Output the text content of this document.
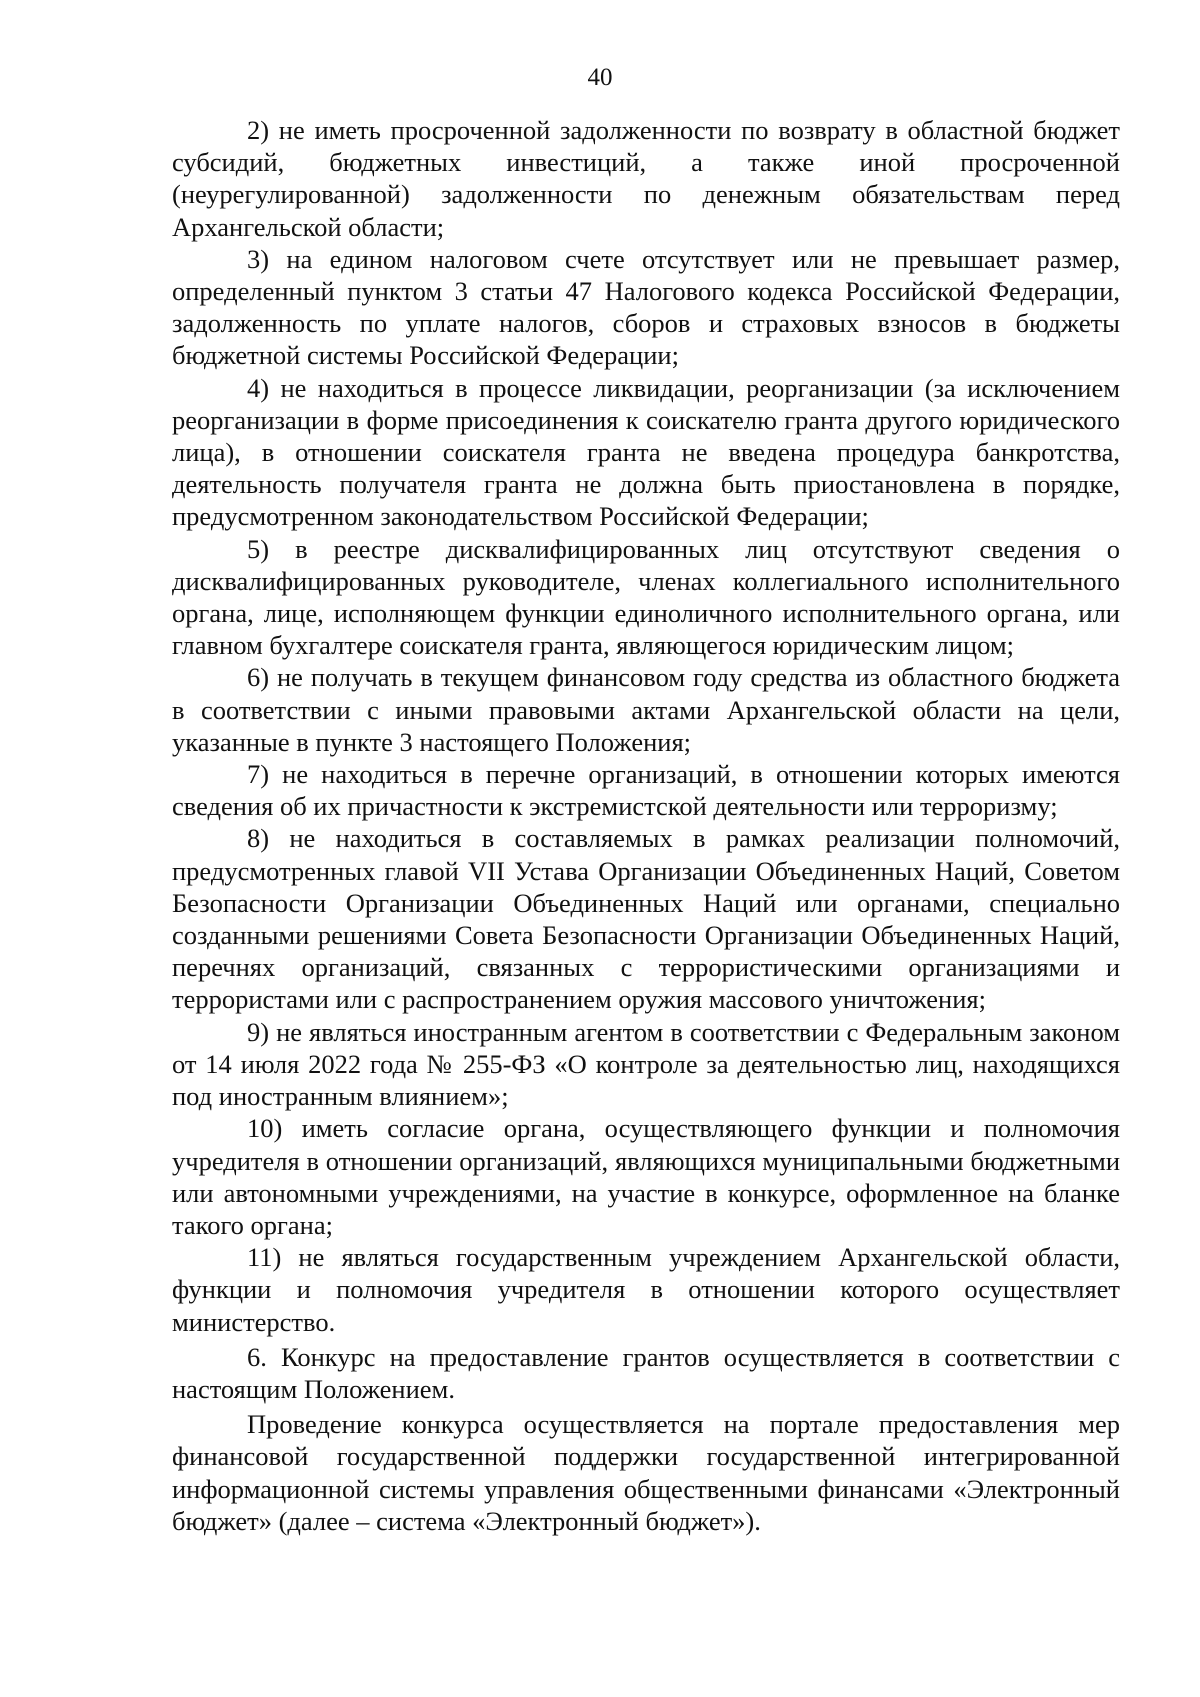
40

2) не иметь просроченной задолженности по возврату в областной бюджет субсидий, бюджетных инвестиций, а также иной просроченной (неурегулированной) задолженности по денежным обязательствам перед Архангельской области;

3) на едином налоговом счете отсутствует или не превышает размер, определенный пунктом 3 статьи 47 Налогового кодекса Российской Федерации, задолженность по уплате налогов, сборов и страховых взносов в бюджеты бюджетной системы Российской Федерации;

4) не находиться в процессе ликвидации, реорганизации (за исключением реорганизации в форме присоединения к соискателю гранта другого юридического лица), в отношении соискателя гранта не введена процедура банкротства, деятельность получателя гранта не должна быть приостановлена в порядке, предусмотренном законодательством Российской Федерации;

5) в реестре дисквалифицированных лиц отсутствуют сведения о дисквалифицированных руководителе, членах коллегиального исполнительного органа, лице, исполняющем функции единоличного исполнительного органа, или главном бухгалтере соискателя гранта, являющегося юридическим лицом;

6) не получать в текущем финансовом году средства из областного бюджета в соответствии с иными правовыми актами Архангельской области на цели, указанные в пункте 3 настоящего Положения;

7) не находиться в перечне организаций, в отношении которых имеются сведения об их причастности к экстремистской деятельности или терроризму;

8) не находиться в составляемых в рамках реализации полномочий, предусмотренных главой VII Устава Организации Объединенных Наций, Советом Безопасности Организации Объединенных Наций или органами, специально созданными решениями Совета Безопасности Организации Объединенных Наций, перечнях организаций, связанных с террористическими организациями и террористами или с распространением оружия массового уничтожения;

9) не являться иностранным агентом в соответствии с Федеральным законом от 14 июля 2022 года № 255-ФЗ «О контроле за деятельностью лиц, находящихся под иностранным влиянием»;

10) иметь согласие органа, осуществляющего функции и полномочия учредителя в отношении организаций, являющихся муниципальными бюджетными или автономными учреждениями, на участие в конкурсе, оформленное на бланке такого органа;

11) не являться государственным учреждением Архангельской области, функции и полномочия учредителя в отношении которого осуществляет министерство.

6. Конкурс на предоставление грантов осуществляется в соответствии с настоящим Положением.

Проведение конкурса осуществляется на портале предоставления мер финансовой государственной поддержки государственной интегрированной информационной системы управления общественными финансами «Электронный бюджет» (далее – система «Электронный бюджет»).
